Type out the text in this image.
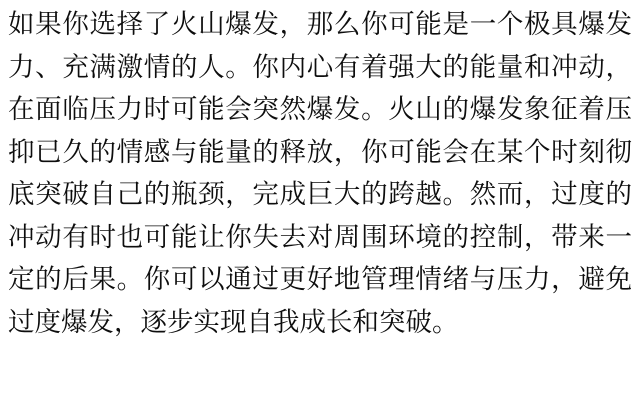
如果你选择了火山爆发，那么你可能是一个极具爆发力、充满激情的人。你内心有着强大的能量和冲动，在面临压力时可能会突然爆发。火山的爆发象征着压抑已久的情感与能量的释放，你可能会在某个时刻彻底突破自己的瓶颈，完成巨大的跨越。然而，过度的冲动有时也可能让你失去对周围环境的控制，带来一定的后果。你可以通过更好地管理情绪与压力，避免过度爆发，逐步实现自我成长和突破。
